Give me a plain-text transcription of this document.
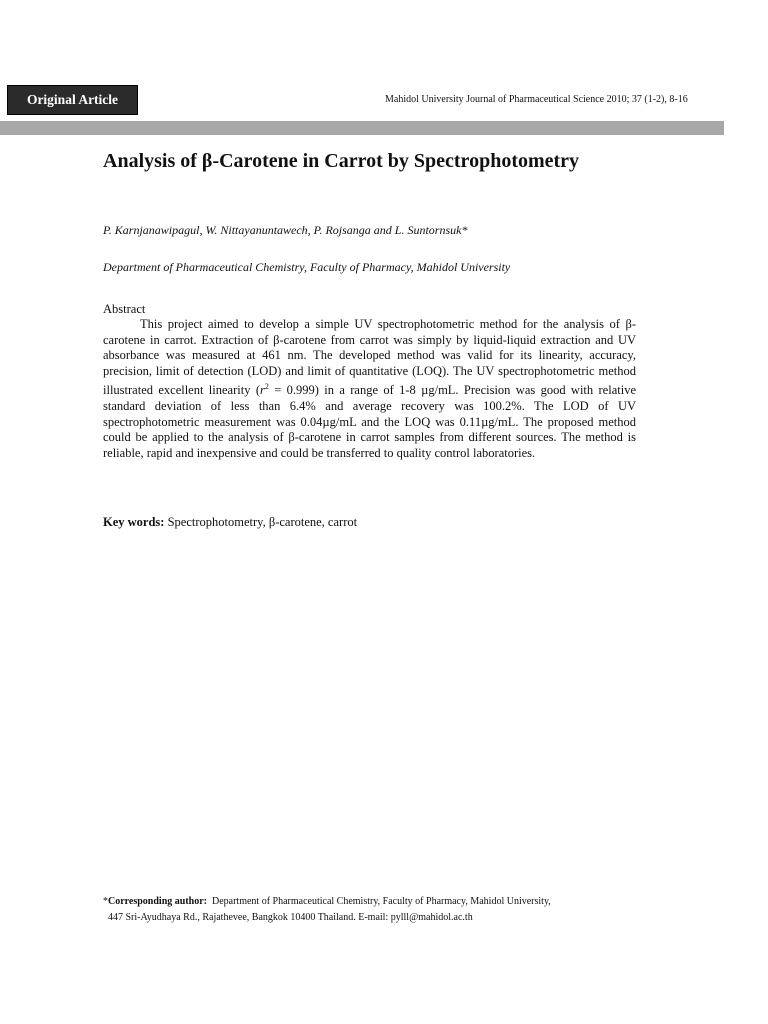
Original Article	Mahidol University Journal of Pharmaceutical Science 2010; 37 (1-2), 8-16
Analysis of β-Carotene in Carrot by Spectrophotometry
P. Karnjanawipagul, W. Nittayanuntawech, P. Rojsanga and L. Suntornsuk*
Department of Pharmaceutical Chemistry, Faculty of Pharmacy, Mahidol University
Abstract

This project aimed to develop a simple UV spectrophotometric method for the analysis of β-carotene in carrot. Extraction of β-carotene from carrot was simply by liquid-liquid extraction and UV absorbance was measured at 461 nm. The developed method was valid for its linearity, accuracy, precision, limit of detection (LOD) and limit of quantitative (LOQ). The UV spectrophotometric method illustrated excellent linearity $(r^2 = 0.999)$ in a range of 1-8 µg/mL. Precision was good with relative standard deviation of less than 6.4% and average recovery was 100.2%. The LOD of UV spectrophotometric measurement was 0.04µg/mL and the LOQ was 0.11µg/mL. The proposed method could be applied to the analysis of β-carotene in carrot samples from different sources. The method is reliable, rapid and inexpensive and could be transferred to quality control laboratories.

Key words: Spectrophotometry, β-carotene, carrot
*Corresponding author:  Department of Pharmaceutical Chemistry, Faculty of Pharmacy, Mahidol University,
447 Sri-Ayudhaya Rd., Rajathevee, Bangkok 10400 Thailand. E-mail: pylll@mahidol.ac.th
